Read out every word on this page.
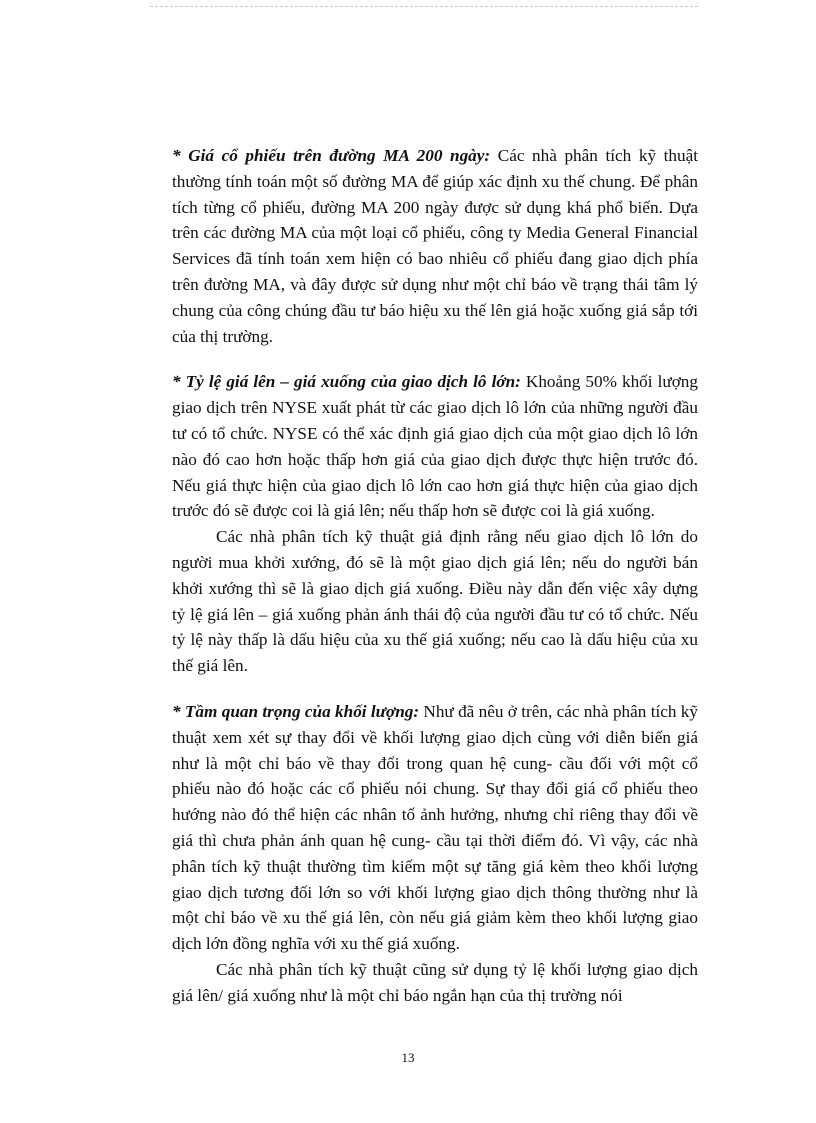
* Giá cổ phiếu trên đường MA 200 ngày: Các nhà phân tích kỹ thuật thường tính toán một số đường MA để giúp xác định xu thế chung. Để phân tích từng cổ phiếu, đường MA 200 ngày được sử dụng khá phổ biến. Dựa trên các đường MA của một loại cổ phiếu, công ty Media General Financial Services đã tính toán xem hiện có bao nhiêu cổ phiếu đang giao dịch phía trên đường MA, và đây được sử dụng như một chỉ báo về trạng thái tâm lý chung của công chúng đầu tư báo hiệu xu thế lên giá hoặc xuống giá sắp tới của thị trường.

* Tỷ lệ giá lên – giá xuống của giao dịch lô lớn: Khoảng 50% khối lượng giao dịch trên NYSE xuất phát từ các giao dịch lô lớn của những người đầu tư có tổ chức. NYSE có thể xác định giá giao dịch của một giao dịch lô lớn nào đó cao hơn hoặc thấp hơn giá của giao dịch được thực hiện trước đó. Nếu giá thực hiện của giao dịch lô lớn cao hơn giá thực hiện của giao dịch trước đó sẽ được coi là giá lên; nếu thấp hơn sẽ được coi là giá xuống.

Các nhà phân tích kỹ thuật giả định rằng nếu giao dịch lô lớn do người mua khởi xướng, đó sẽ là một giao dịch giá lên; nếu do người bán khởi xướng thì sẽ là giao dịch giá xuống. Điều này dẫn đến việc xây dựng tỷ lệ giá lên – giá xuống phản ánh thái độ của người đầu tư có tổ chức. Nếu tỷ lệ này thấp là dấu hiệu của xu thế giá xuống; nếu cao là dấu hiệu của xu thế giá lên.

* Tầm quan trọng của khối lượng: Như đã nêu ở trên, các nhà phân tích kỹ thuật xem xét sự thay đổi về khối lượng giao dịch cùng với diễn biến giá như là một chỉ báo về thay đổi trong quan hệ cung- cầu đối với một cổ phiếu nào đó hoặc các cổ phiếu nói chung. Sự thay đổi giá cổ phiếu theo hướng nào đó thể hiện các nhân tố ảnh hưởng, nhưng chỉ riêng thay đổi về giá thì chưa phản ánh quan hệ cung- cầu tại thời điểm đó. Vì vậy, các nhà phân tích kỹ thuật thường tìm kiếm một sự tăng giá kèm theo khối lượng giao dịch tương đối lớn so với khối lượng giao dịch thông thường như là một chỉ báo về xu thế giá lên, còn nếu giá giảm kèm theo khối lượng giao dịch lớn đồng nghĩa với xu thế giá xuống.

Các nhà phân tích kỹ thuật cũng sử dụng tỷ lệ khối lượng giao dịch giá lên/ giá xuống như là một chỉ báo ngắn hạn của thị trường nói

13
